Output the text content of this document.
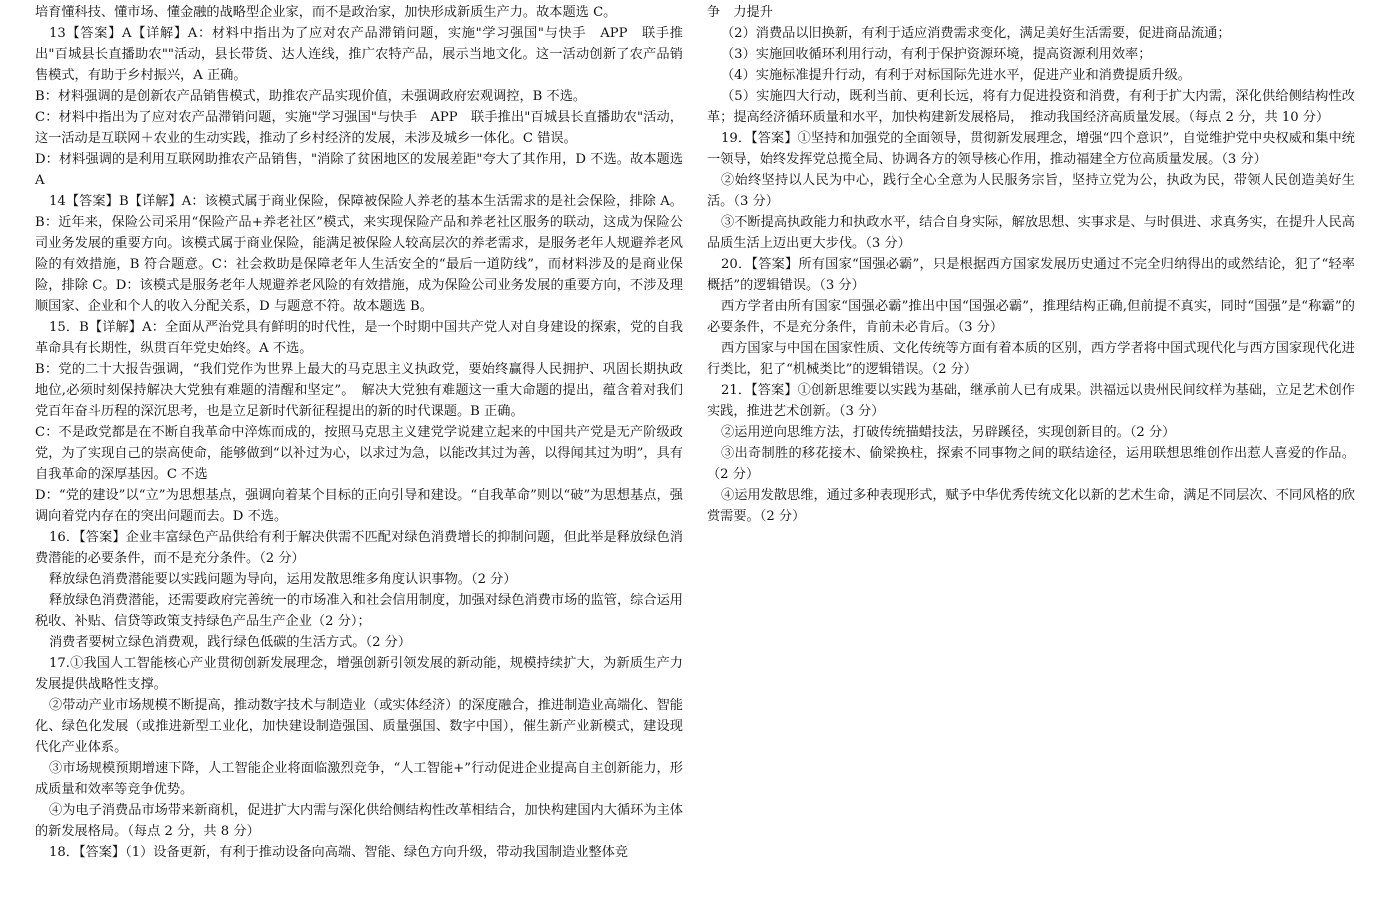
培育懂科技、懂市场、懂金融的战略型企业家，而不是政治家，加快形成新质生产力。故本题选 C。

13【答案】A【详解】A：材料中指出为了应对农产品滞销问题，实施"学习强国"与快手　APP　联手推出"百城县长直播助农""活动，县长带货、达人连线，推广农特产品，展示当地文化。这一活动创新了农产品销售模式，有助于乡村振兴，A 正确。

B：材料强调的是创新农产品销售模式，助推农产品实现价值，未强调政府宏观调控，B 不选。

C：材料中指出为了应对农产品滞销问题，实施"学习强国"与快手　APP　联手推出"百城县长直播助农"活动，这一活动是互联网＋农业的生动实践，推动了乡村经济的发展，未涉及城乡一体化。C 错误。

D：材料强调的是利用互联网助推农产品销售，"消除了贫困地区的发展差距"夸大了其作用，D 不选。故本题选　A

14【答案】B【详解】A：该模式属于商业保险，保障被保险人养老的基本生活需求的是社会保险，排除 A。B：近年来，保险公司采用“保险产品+养老社区”模式，来实现保险产品和养老社区服务的联动，这成为保险公司业务发展的重要方向。该模式属于商业保险，能满足被保险人较高层次的养老需求，是服务老年人规避养老风险的有效措施，B 符合题意。C：社会救助是保障老年人生活安全的“最后一道防线”，而材料涉及的是商业保险，排除 C。D：该模式是服务老年人规避养老风险的有效措施，成为保险公司业务发展的重要方向，不涉及理顺国家、企业和个人的收入分配关系，D 与题意不符。故本题选 B。

15．B【详解】A：全面从严治党具有鲜明的时代性，是一个时期中国共产党人对自身建设的探索，党的自我革命具有长期性，纵贯百年党史始终。A 不选。

B：党的二十大报告强调，“我们党作为世界上最大的马克思主义执政党，要始终赢得人民拥护、巩固长期执政地位,必须时刻保持解决大党独有难题的清醒和坚定”。　解决大党独有难题这一重大命题的提出，蕴含着对我们党百年奋斗历程的深沉思考，也是立足新时代新征程提出的新的时代课题。B 正确。

C：不是政党都是在不断自我革命中淬炼而成的，按照马克思主义建党学说建立起来的中国共产党是无产阶级政党，为了实现自己的崇高使命，能够做到“以补过为心，以求过为急，以能改其过为善，以得闻其过为明”，具有自我革命的深厚基因。C 不选

D：“党的建设”以“立”为思想基点，强调向着某个目标的正向引导和建设。“自我革命”则以“破”为思想基点，强调向着党内存在的突出问题而去。D 不选。

16．【答案】企业丰富绿色产品供给有利于解决供需不匹配对绿色消费增长的抑制问题，但此举是释放绿色消费潜能的必要条件，而不是充分条件。（2 分）

释放绿色消费潜能要以实践问题为导向，运用发散思维多角度认识事物。（2 分）

释放绿色消费潜能，还需要政府完善统一的市场准入和社会信用制度，加强对绿色消费市场的监管，综合运用税收、补贴、信贷等政策支持绿色产品生产企业（2 分）；

消费者要树立绿色消费观，践行绿色低碳的生活方式。（2 分）

17.①我国人工智能核心产业贯彻创新发展理念，增强创新引领发展的新动能，规模持续扩大，为新质生产力发展提供战略性支撑。

②带动产业市场规模不断提高，推动数字技术与制造业（或实体经济）的深度融合，推进制造业高端化、智能化、绿色化发展（或推进新型工业化，加快建设制造强国、质量强国、数字中国），催生新产业新模式，建设现代化产业体系。

③市场规模预期增速下降，人工智能企业将面临激烈竞争，“人工智能+”行动促进企业提高自主创新能力，形成质量和效率等竞争优势。

④为电子消费品市场带来新商机，促进扩大内需与深化供给侧结构性改革相结合，加快构建国内大循环为主体的新发展格局。（每点 2 分，共 8 分）

18．【答案】（1）设备更新，有利于推动设备向高端、智能、绿色方向升级，带动我国制造业整体竞

争　力提升

（2）消费品以旧换新，有利于适应消费需求变化，满足美好生活需要，促进商品流通；

（3）实施回收循环利用行动，有利于保护资源环境，提高资源利用效率；

（4）实施标准提升行动，有利于对标国际先进水平，促进产业和消费提质升级。

（5）实施四大行动，既利当前、更利长远，将有力促进投资和消费，有利于扩大内需，深化供给侧结构性改革；提高经济循环质量和水平，加快构建新发展格局，　推动我国经济高质量发展。（每点 2 分，共 10 分）

19．【答案】①坚持和加强党的全面领导，贯彻新发展理念，增强“四个意识”，自觉维护党中央权威和集中统一领导，始终发挥党总揽全局、协调各方的领导核心作用，推动福建全方位高质量发展。（3 分）

②始终坚持以人民为中心，践行全心全意为人民服务宗旨，坚持立党为公，执政为民，带领人民创造美好生活。（3 分）

③不断提高执政能力和执政水平，结合自身实际，解放思想、实事求是、与时俱进、求真务实，在提升人民高品质生活上迈出更大步伐。（3 分）

20．【答案】所有国家“国强必霸”，只是根据西方国家发展历史通过不完全归纳得出的或然结论，犯了“轻率概括”的逻辑错误。（3 分）

西方学者由所有国家“国强必霸”推出中国“国强必霸”，推理结构正确,但前提不真实，同时“国强”是“称霸”的必要条件，不是充分条件，肯前未必肯后。（3 分）

西方国家与中国在国家性质、文化传统等方面有着本质的区别，西方学者将中国式现代化与西方国家现代化进行类比，犯了“机械类比”的逻辑错误。（2 分）

21．【答案】①创新思维要以实践为基础，继承前人已有成果。洪福远以贵州民间纹样为基础，立足艺术创作实践，推进艺术创新。（3 分）

②运用逆向思维方法，打破传统描蜡技法，另辟蹊径，实现创新目的。（2 分）

③出奇制胜的移花接木、偷梁换柱，探索不同事物之间的联结途径，运用联想思维创作出惹人喜爱的作品。（2 分）

④运用发散思维，通过多种表现形式，赋予中华优秀传统文化以新的艺术生命，满足不同层次、不同风格的欣赏需要。（2 分）
